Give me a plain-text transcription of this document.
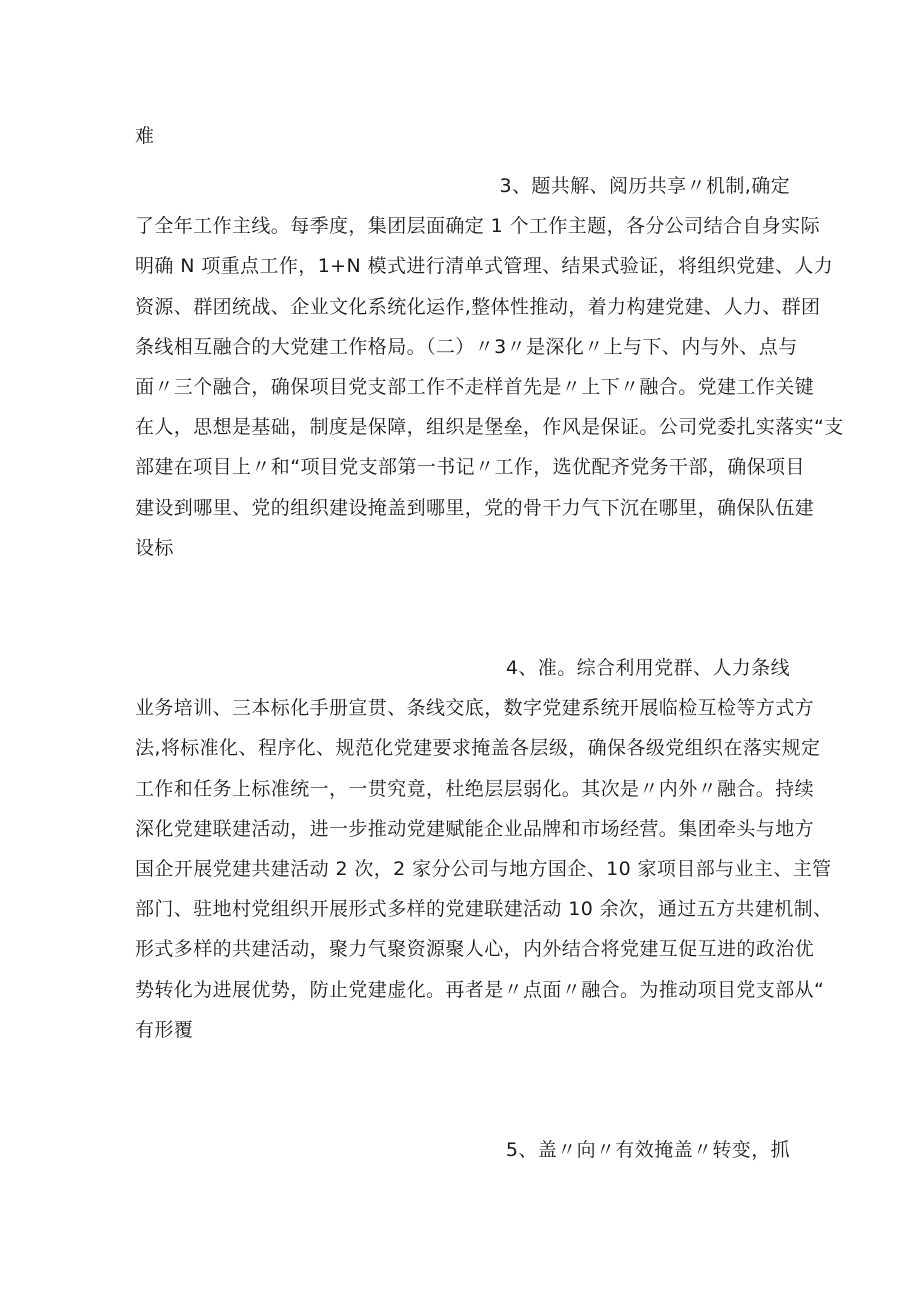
难
3、题共解、阅历共享〃机制,确定
了全年工作主线。每季度，集团层面确定 1 个工作主题，各分公司结合自身实际
明确 N 项重点工作，1+N 模式进行清单式管理、结果式验证，将组织党建、人力
资源、群团统战、企业文化系统化运作,整体性推动，着力构建党建、人力、群团
条线相互融合的大党建工作格局。（二）〃3〃是深化〃上与下、内与外、点与
面〃三个融合，确保项目党支部工作不走样首先是〃上下〃融合。党建工作关键
在人，思想是基础，制度是保障，组织是堡垒，作风是保证。公司党委扎实落实“支
部建在项目上〃和“项目党支部第一书记〃工作，选优配齐党务干部，确保项目
建设到哪里、党的组织建设掩盖到哪里，党的骨干力气下沉在哪里，确保队伍建
设标
4、准。综合利用党群、人力条线
业务培训、三本标化手册宣贯、条线交底，数字党建系统开展临检互检等方式方
法,将标准化、程序化、规范化党建要求掩盖各层级，确保各级党组织在落实规定
工作和任务上标准统一，一贯究竟，杜绝层层弱化。其次是〃内外〃融合。持续
深化党建联建活动，进一步推动党建赋能企业品牌和市场经营。集团牵头与地方
国企开展党建共建活动 2 次，2 家分公司与地方国企、10 家项目部与业主、主管
部门、驻地村党组织开展形式多样的党建联建活动 10 余次，通过五方共建机制、
形式多样的共建活动，聚力气聚资源聚人心，内外结合将党建互促互进的政治优
势转化为进展优势，防止党建虚化。再者是〃点面〃融合。为推动项目党支部从“
有形覆
5、盖〃向〃有效掩盖〃转变，抓
